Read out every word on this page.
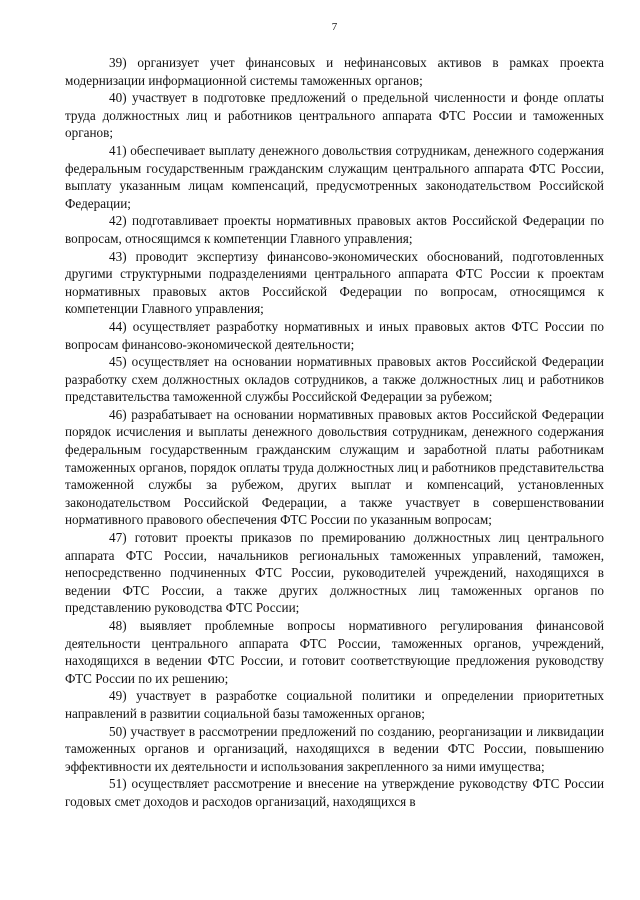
7

39) организует учет финансовых и нефинансовых активов в рамках проекта модернизации информационной системы таможенных органов;

40) участвует в подготовке предложений о предельной численности и фонде оплаты труда должностных лиц и работников центрального аппарата ФТС России и таможенных органов;

41) обеспечивает выплату денежного довольствия сотрудникам, денежного содержания федеральным государственным гражданским служащим центрального аппарата ФТС России, выплату указанным лицам компенсаций, предусмотренных законодательством Российской Федерации;

42) подготавливает проекты нормативных правовых актов Российской Федерации по вопросам, относящимся к компетенции Главного управления;

43) проводит экспертизу финансово-экономических обоснований, подготовленных другими структурными подразделениями центрального аппарата ФТС России к проектам нормативных правовых актов Российской Федерации по вопросам, относящимся к компетенции Главного управления;

44) осуществляет разработку нормативных и иных правовых актов ФТС России по вопросам финансово-экономической деятельности;

45) осуществляет на основании нормативных правовых актов Российской Федерации разработку схем должностных окладов сотрудников, а также должностных лиц и работников представительства таможенной службы Российской Федерации за рубежом;

46) разрабатывает на основании нормативных правовых актов Российской Федерации порядок исчисления и выплаты денежного довольствия сотрудникам, денежного содержания федеральным государственным гражданским служащим и заработной платы работникам таможенных органов, порядок оплаты труда должностных лиц и работников представительства таможенной службы за рубежом, других выплат и компенсаций, установленных законодательством Российской Федерации, а также участвует в совершенствовании нормативного правового обеспечения ФТС России по указанным вопросам;

47) готовит проекты приказов по премированию должностных лиц центрального аппарата ФТС России, начальников региональных таможенных управлений, таможен, непосредственно подчиненных ФТС России, руководителей учреждений, находящихся в ведении ФТС России, а также других должностных лиц таможенных органов по представлению руководства ФТС России;

48) выявляет проблемные вопросы нормативного регулирования финансовой деятельности центрального аппарата ФТС России, таможенных органов, учреждений, находящихся в ведении ФТС России, и готовит соответствующие предложения руководству ФТС России по их решению;

49) участвует в разработке социальной политики и определении приоритетных направлений в развитии социальной базы таможенных органов;

50) участвует в рассмотрении предложений по созданию, реорганизации и ликвидации таможенных органов и организаций, находящихся в ведении ФТС России, повышению эффективности их деятельности и использования закрепленного за ними имущества;

51) осуществляет рассмотрение и внесение на утверждение руководству ФТС России годовых смет доходов и расходов организаций, находящихся в
